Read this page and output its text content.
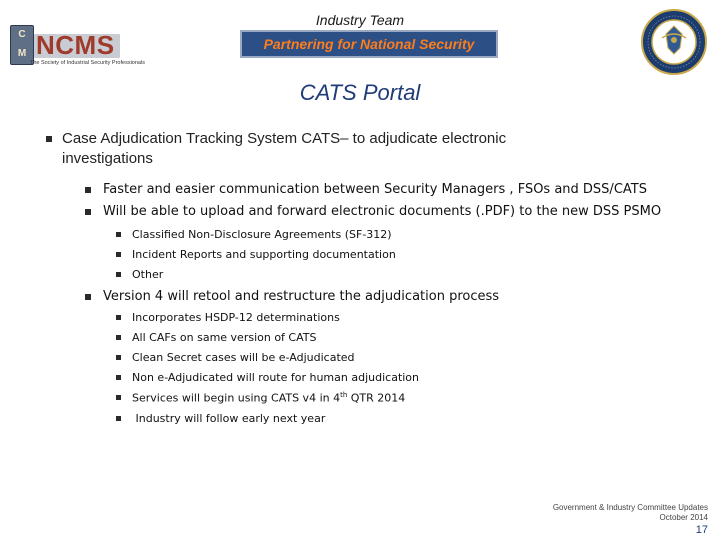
Industry Team
C
M NCMS
The Society of Industrial Security Professionals
Partnering for National Security
CATS Portal
Case Adjudication Tracking System CATS– to adjudicate electronic
investigations
Faster and easier communication between Security Managers , FSOs and DSS/CATS
Will be able to upload and forward electronic documents (.PDF) to the new DSS PSMO
Classified Non-Disclosure Agreements (SF-312)
Incident Reports and supporting documentation
Other
Version 4 will retool and restructure the adjudication process
Incorporates HSDP-12 determinations
All CAFs on same version of CATS
Clean Secret cases will be e-Adjudicated
Non e-Adjudicated will route for human adjudication
Services will begin using CATS v4 in 4th QTR 2014
Industry will follow early next year
Government & Industry Committee Updates
October 2014
17
